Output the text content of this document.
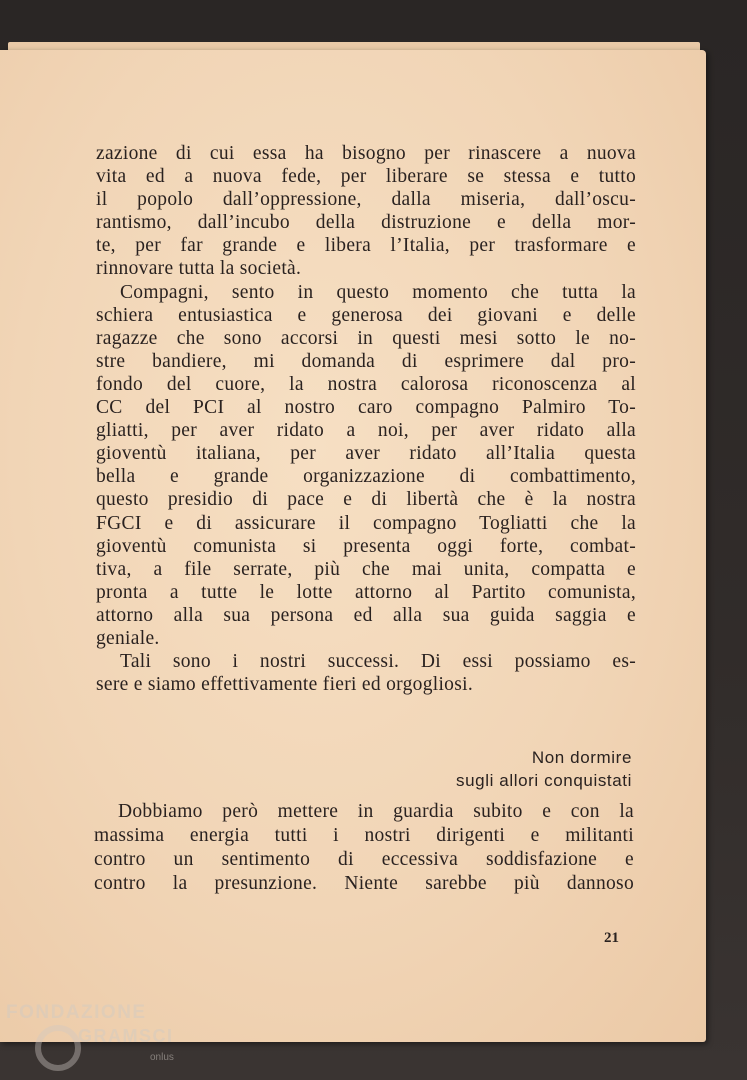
zazione di cui essa ha bisogno per rinascere a nuova
vita ed a nuova fede, per liberare se stessa e tutto
il popolo dall’oppressione, dalla miseria, dall’oscu-
rantismo, dall’incubo della distruzione e della mor-
te, per far grande e libera l’Italia, per trasformare e
rinnovare tutta la società.

Compagni, sento in questo momento che tutta la
schiera entusiastica e generosa dei giovani e delle
ragazze che sono accorsi in questi mesi sotto le no-
stre bandiere, mi domanda di esprimere dal pro-
fondo del cuore, la nostra calorosa riconoscenza al
CC del PCI al nostro caro compagno Palmiro To-
gliatti, per aver ridato a noi, per aver ridato alla
gioventù italiana, per aver ridato all’Italia questa
bella e grande organizzazione di combattimento,
questo presidio di pace e di libertà che è la nostra
FGCI e di assicurare il compagno Togliatti che la
gioventù comunista si presenta oggi forte, combat-
tiva, a file serrate, più che mai unita, compatta e
pronta a tutte le lotte attorno al Partito comunista,
attorno alla sua persona ed alla sua guida saggia e
geniale.

Tali sono i nostri successi. Di essi possiamo es-
sere e siamo effettivamente fieri ed orgogliosi.

Non dormire
sugli allori conquistati

Dobbiamo però mettere in guardia subito e con la
massima energia tutti i nostri dirigenti e militanti
contro un sentimento di eccessiva soddisfazione e
contro la presunzione. Niente sarebbe più dannoso

21
FONDAZIONE
GRAMSCI
onlus
